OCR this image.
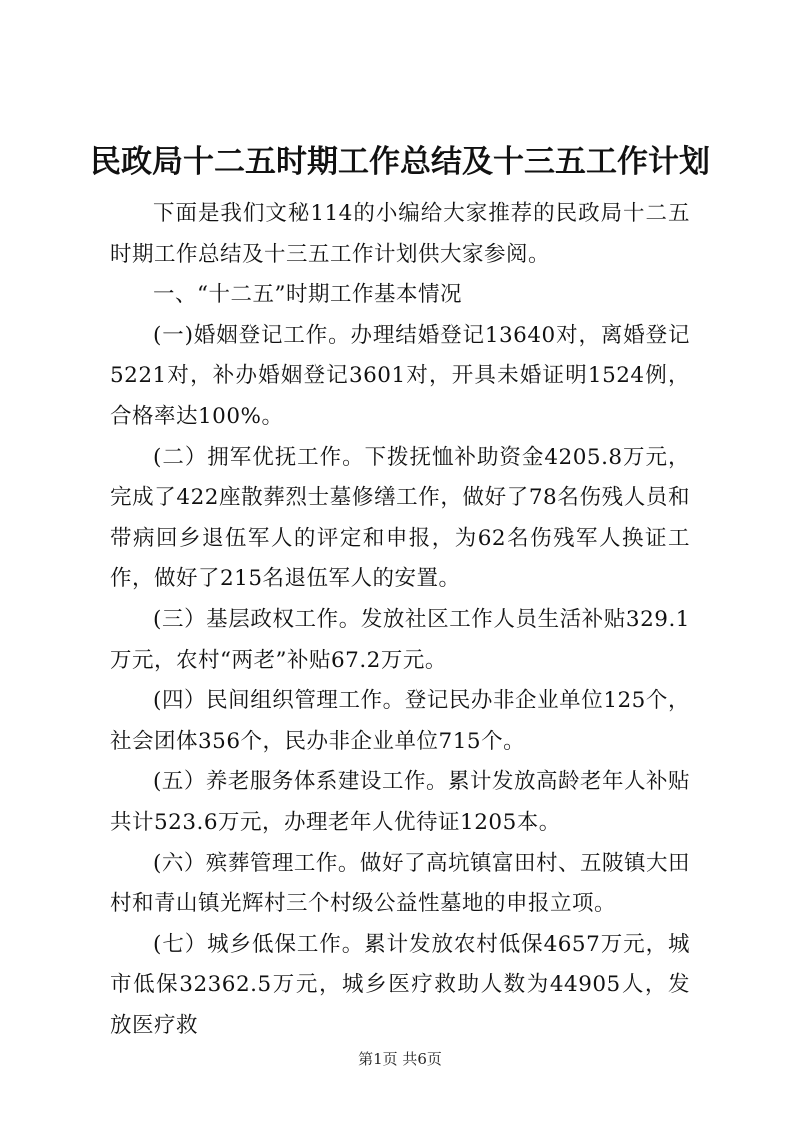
民政局十二五时期工作总结及十三五工作计划

下面是我们文秘114的小编给大家推荐的民政局十二五时期工作总结及十三五工作计划供大家参阅。

一、“十二五”时期工作基本情况

(一)婚姻登记工作。办理结婚登记13640对，离婚登记5221对，补办婚姻登记3601对，开具未婚证明1524例，合格率达100%。

(二）拥军优抚工作。下拨抚恤补助资金4205.8万元，完成了422座散葬烈士墓修缮工作，做好了78名伤残人员和带病回乡退伍军人的评定和申报，为62名伤残军人换证工作，做好了215名退伍军人的安置。

(三）基层政权工作。发放社区工作人员生活补贴329.1万元，农村“两老”补贴67.2万元。

(四）民间组织管理工作。登记民办非企业单位125个，社会团体356个，民办非企业单位715个。

(五）养老服务体系建设工作。累计发放高龄老年人补贴共计523.6万元，办理老年人优待证1205本。

(六）殡葬管理工作。做好了高坑镇富田村、五陂镇大田村和青山镇光辉村三个村级公益性墓地的申报立项。

(七）城乡低保工作。累计发放农村低保4657万元，城市低保32362.5万元，城乡医疗救助人数为44905人，发放医疗救

第1页 共6页
